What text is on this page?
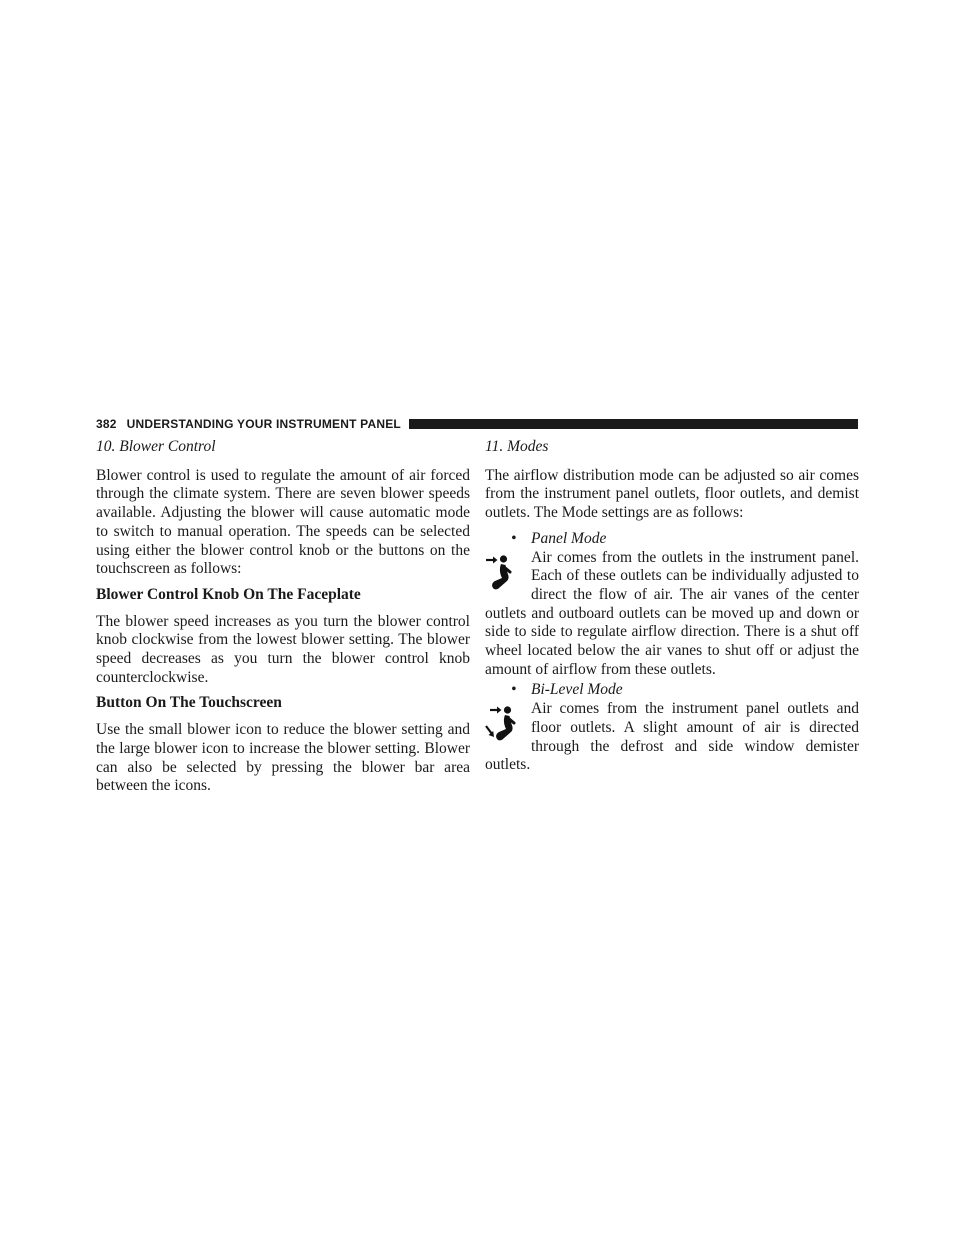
382 UNDERSTANDING YOUR INSTRUMENT PANEL

10. Blower Control

Blower control is used to regulate the amount of air forced through the climate system. There are seven blower speeds available. Adjusting the blower will cause automatic mode to switch to manual operation. The speeds can be selected using either the blower control knob or the buttons on the touchscreen as follows:

Blower Control Knob On The Faceplate

The blower speed increases as you turn the blower control knob clockwise from the lowest blower setting. The blower speed decreases as you turn the blower control knob counterclockwise.

Button On The Touchscreen

Use the small blower icon to reduce the blower setting and the large blower icon to increase the blower setting. Blower can also be selected by pressing the blower bar area between the icons.

11. Modes

The airflow distribution mode can be adjusted so air comes from the instrument panel outlets, floor outlets, and demist outlets. The Mode settings are as follows:

• Panel Mode

Air comes from the outlets in the instrument panel. Each of these outlets can be individually adjusted to direct the flow of air. The air vanes of the center outlets and outboard outlets can be moved up and down or side to side to regulate airflow direction. There is a shut off wheel located below the air vanes to shut off or adjust the amount of airflow from these outlets.

• Bi-Level Mode

Air comes from the instrument panel outlets and floor outlets. A slight amount of air is directed through the defrost and side window demister outlets.
